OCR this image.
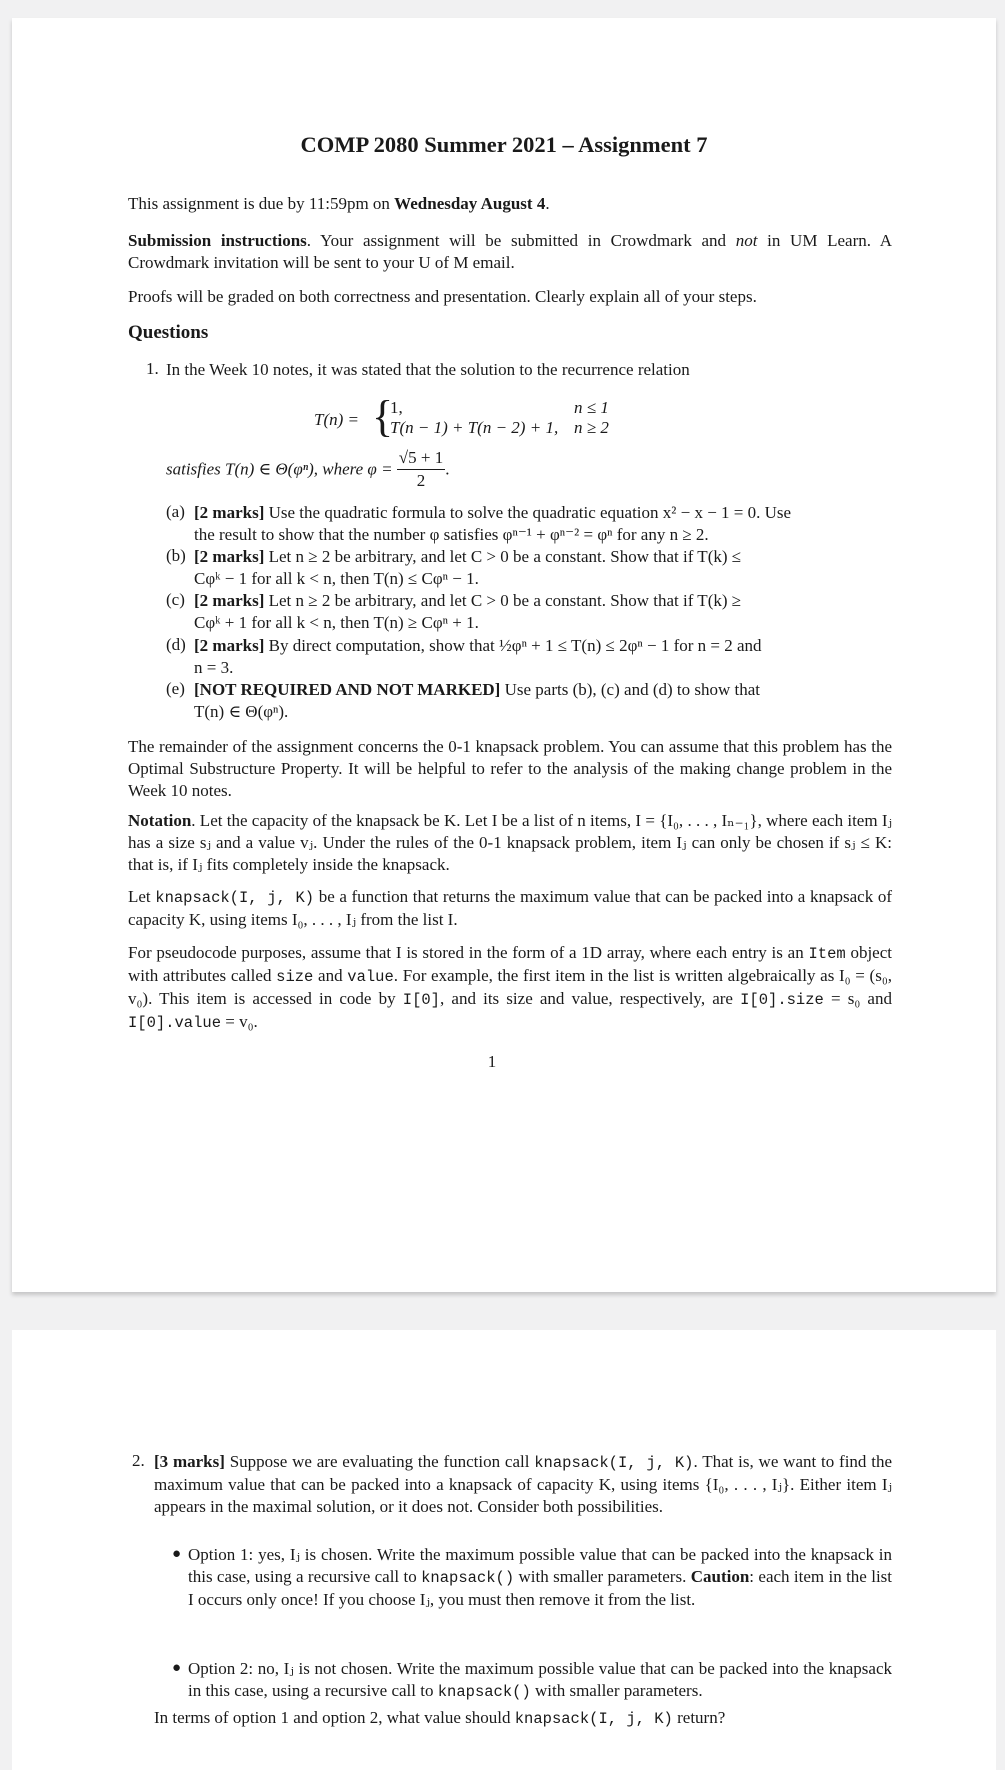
COMP 2080 Summer 2021 – Assignment 7

This assignment is due by 11:59pm on Wednesday August 4.

Submission instructions. Your assignment will be submitted in Crowdmark and not in UM Learn. A Crowdmark invitation will be sent to your U of M email.

Proofs will be graded on both correctness and presentation. Clearly explain all of your steps.

Questions
1. In the Week 10 notes, it was stated that the solution to the recurrence relation
T(n) = {
1,	n ≤ 1
T(n − 1) + T(n − 2) + 1, n ≥ 2
satisfies T(n) ∈ Θ(φⁿ), where $\varphi = \frac{√5 + 1}{2}$ .
(a) [2 marks] Use the quadratic formula to solve the quadratic equation x² − x − 1 = 0. Use

the result to show that the number φ satisfies φⁿ⁻¹ + φⁿ⁻² = φⁿ for any n ≥ 2.

(b) [2 marks] Let n ≥ 2 be arbitrary, and let C > 0 be a constant. Show that if T(k) ≤

Cφᵏ − 1 for all k < n, then T(n) ≤ Cφⁿ − 1.

(c) [2 marks] Let n ≥ 2 be arbitrary, and let C > 0 be a constant. Show that if T(k) ≥

Cφᵏ + 1 for all k < n, then T(n) ≥ Cφⁿ + 1.

(d) [2 marks] By direct computation, show that ½φⁿ + 1 ≤ T(n) ≤ 2φⁿ − 1 for n = 2 and

n = 3.

(e) [NOT REQUIRED AND NOT MARKED] Use parts (b), (c) and (d) to show that

T(n) ∈ Θ(φⁿ).

The remainder of the assignment concerns the 0-1 knapsack problem. You can assume that this problem has the Optimal Substructure Property. It will be helpful to refer to the analysis of the making change problem in the Week 10 notes.

Notation. Let the capacity of the knapsack be K. Let I be a list of n items, I = {I₀, . . . , Iₙ₋₁}, where each item Iⱼ has a size sⱼ and a value vⱼ. Under the rules of the 0-1 knapsack problem, item Iⱼ can only be chosen if sⱼ ≤ K: that is, if Iⱼ fits completely inside the knapsack.

Let knapsack(I, j, K) be a function that returns the maximum value that can be packed into a knapsack of capacity K, using items I₀, . . . , Iⱼ from the list I.

For pseudocode purposes, assume that I is stored in the form of a 1D array, where each entry is an Item object with attributes called size and value. For example, the first item in the list is written algebraically as I₀ = (s₀, v₀). This item is accessed in code by I[0], and its size and value, respectively, are I[0].size = s₀ and I[0].value = v₀.

1
2. [3 marks] Suppose we are evaluating the function call knapsack(I, j, K). That is, we want to find the maximum value that can be packed into a knapsack of capacity K, using items {I₀, . . . , Iⱼ}. Either item Iⱼ appears in the maximal solution, or it does not. Consider both possibilities.

● Option 1: yes, Iⱼ is chosen. Write the maximum possible value that can be packed into the knapsack in this case, using a recursive call to knapsack() with smaller parameters. Caution: each item in the list I occurs only once! If you choose Iⱼ, you must then remove it from the list.

● Option 2: no, Iⱼ is not chosen. Write the maximum possible value that can be packed into the knapsack in this case, using a recursive call to knapsack() with smaller parameters.

In terms of option 1 and option 2, what value should knapsack(I, j, K) return?
